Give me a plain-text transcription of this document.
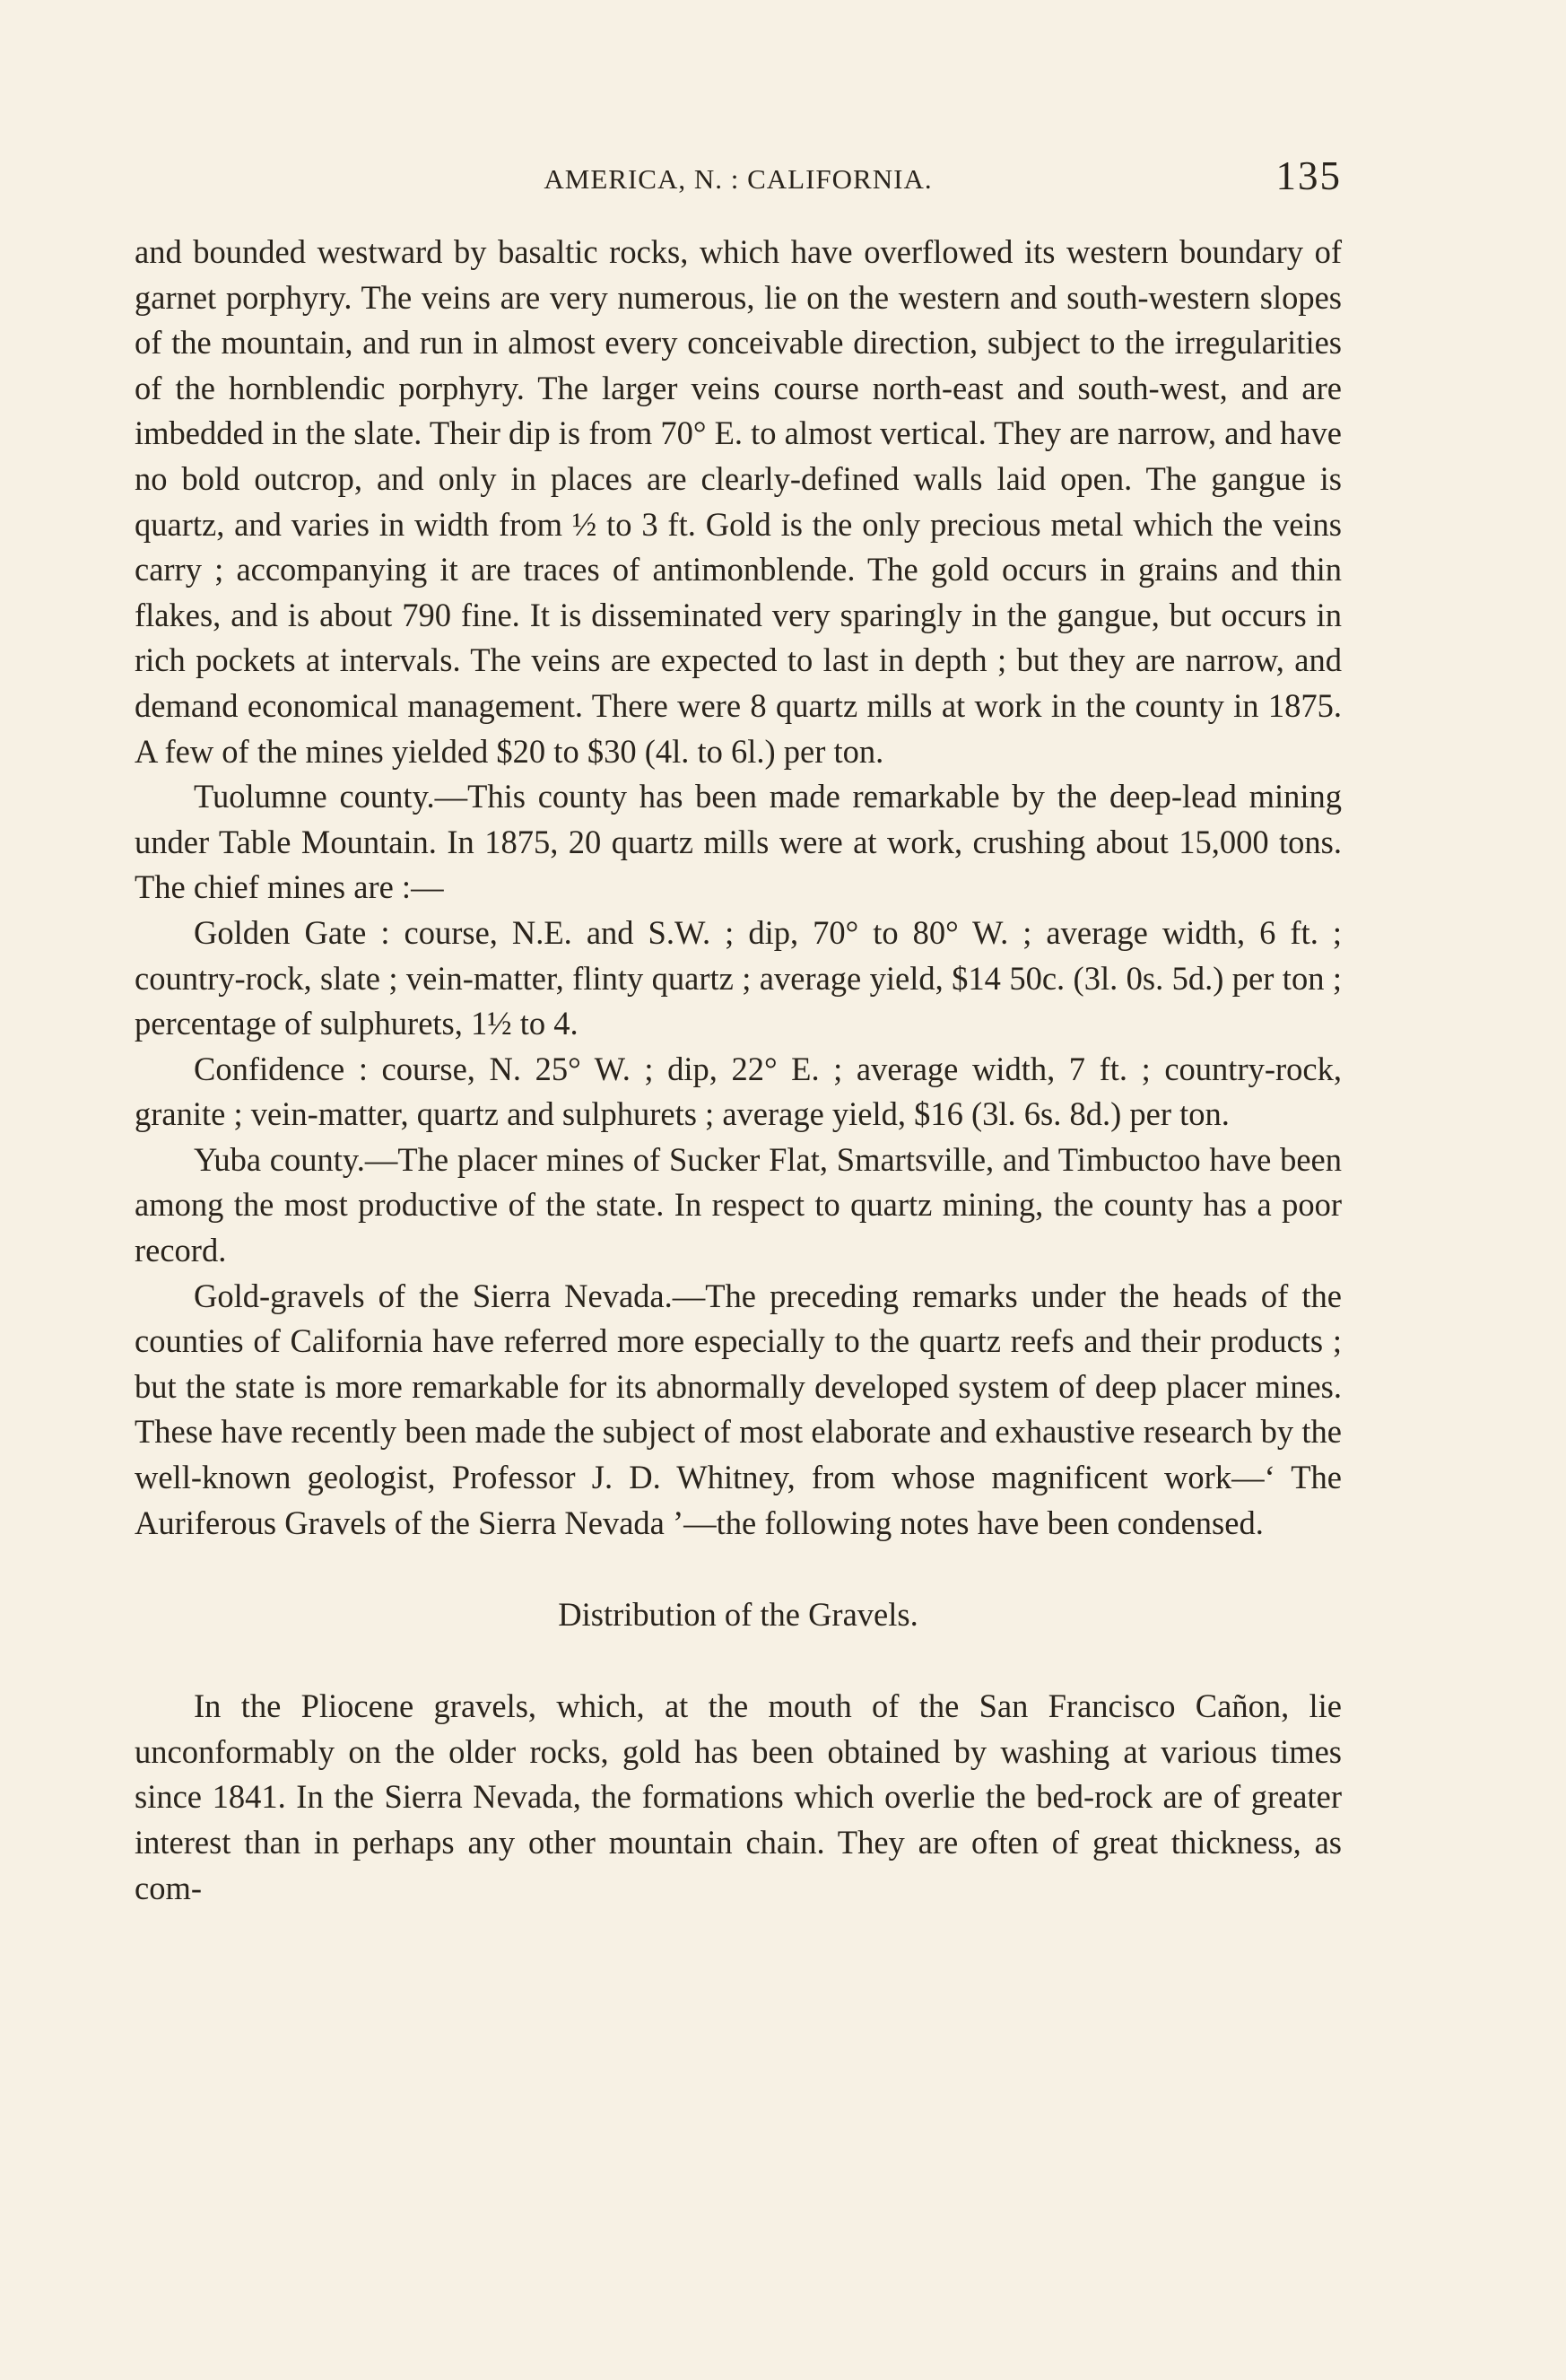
AMERICA, N. : CALIFORNIA.	135

and bounded westward by basaltic rocks, which have overflowed its western boundary of garnet porphyry. The veins are very numerous, lie on the western and south-western slopes of the mountain, and run in almost every conceivable direction, subject to the irregularities of the hornblendic porphyry. The larger veins course north-east and south-west, and are imbedded in the slate. Their dip is from 70° E. to almost vertical. They are narrow, and have no bold outcrop, and only in places are clearly-defined walls laid open. The gangue is quartz, and varies in width from ½ to 3 ft. Gold is the only precious metal which the veins carry ; accompanying it are traces of antimonblende. The gold occurs in grains and thin flakes, and is about 790 fine. It is disseminated very sparingly in the gangue, but occurs in rich pockets at intervals. The veins are expected to last in depth ; but they are narrow, and demand economical management. There were 8 quartz mills at work in the county in 1875. A few of the mines yielded $20 to $30 (4l. to 6l.) per ton.

Tuolumne county.—This county has been made remarkable by the deep-lead mining under Table Mountain. In 1875, 20 quartz mills were at work, crushing about 15,000 tons. The chief mines are :—

Golden Gate : course, N.E. and S.W. ; dip, 70° to 80° W. ; average width, 6 ft. ; country-rock, slate ; vein-matter, flinty quartz ; average yield, $14 50c. (3l. 0s. 5d.) per ton ; percentage of sulphurets, 1½ to 4.

Confidence : course, N. 25° W. ; dip, 22° E. ; average width, 7 ft. ; country-rock, granite ; vein-matter, quartz and sulphurets ; average yield, $16 (3l. 6s. 8d.) per ton.

Yuba county.—The placer mines of Sucker Flat, Smartsville, and Timbuctoo have been among the most productive of the state. In respect to quartz mining, the county has a poor record.

Gold-gravels of the Sierra Nevada.—The preceding remarks under the heads of the counties of California have referred more especially to the quartz reefs and their products ; but the state is more remarkable for its abnormally developed system of deep placer mines. These have recently been made the subject of most elaborate and exhaustive research by the well-known geologist, Professor J. D. Whitney, from whose magnificent work—‘ The Auriferous Gravels of the Sierra Nevada ’—the following notes have been condensed.

Distribution of the Gravels.

In the Pliocene gravels, which, at the mouth of the San Francisco Cañon, lie unconformably on the older rocks, gold has been obtained by washing at various times since 1841. In the Sierra Nevada, the formations which overlie the bed-rock are of greater interest than in perhaps any other mountain chain. They are often of great thickness, as com-
